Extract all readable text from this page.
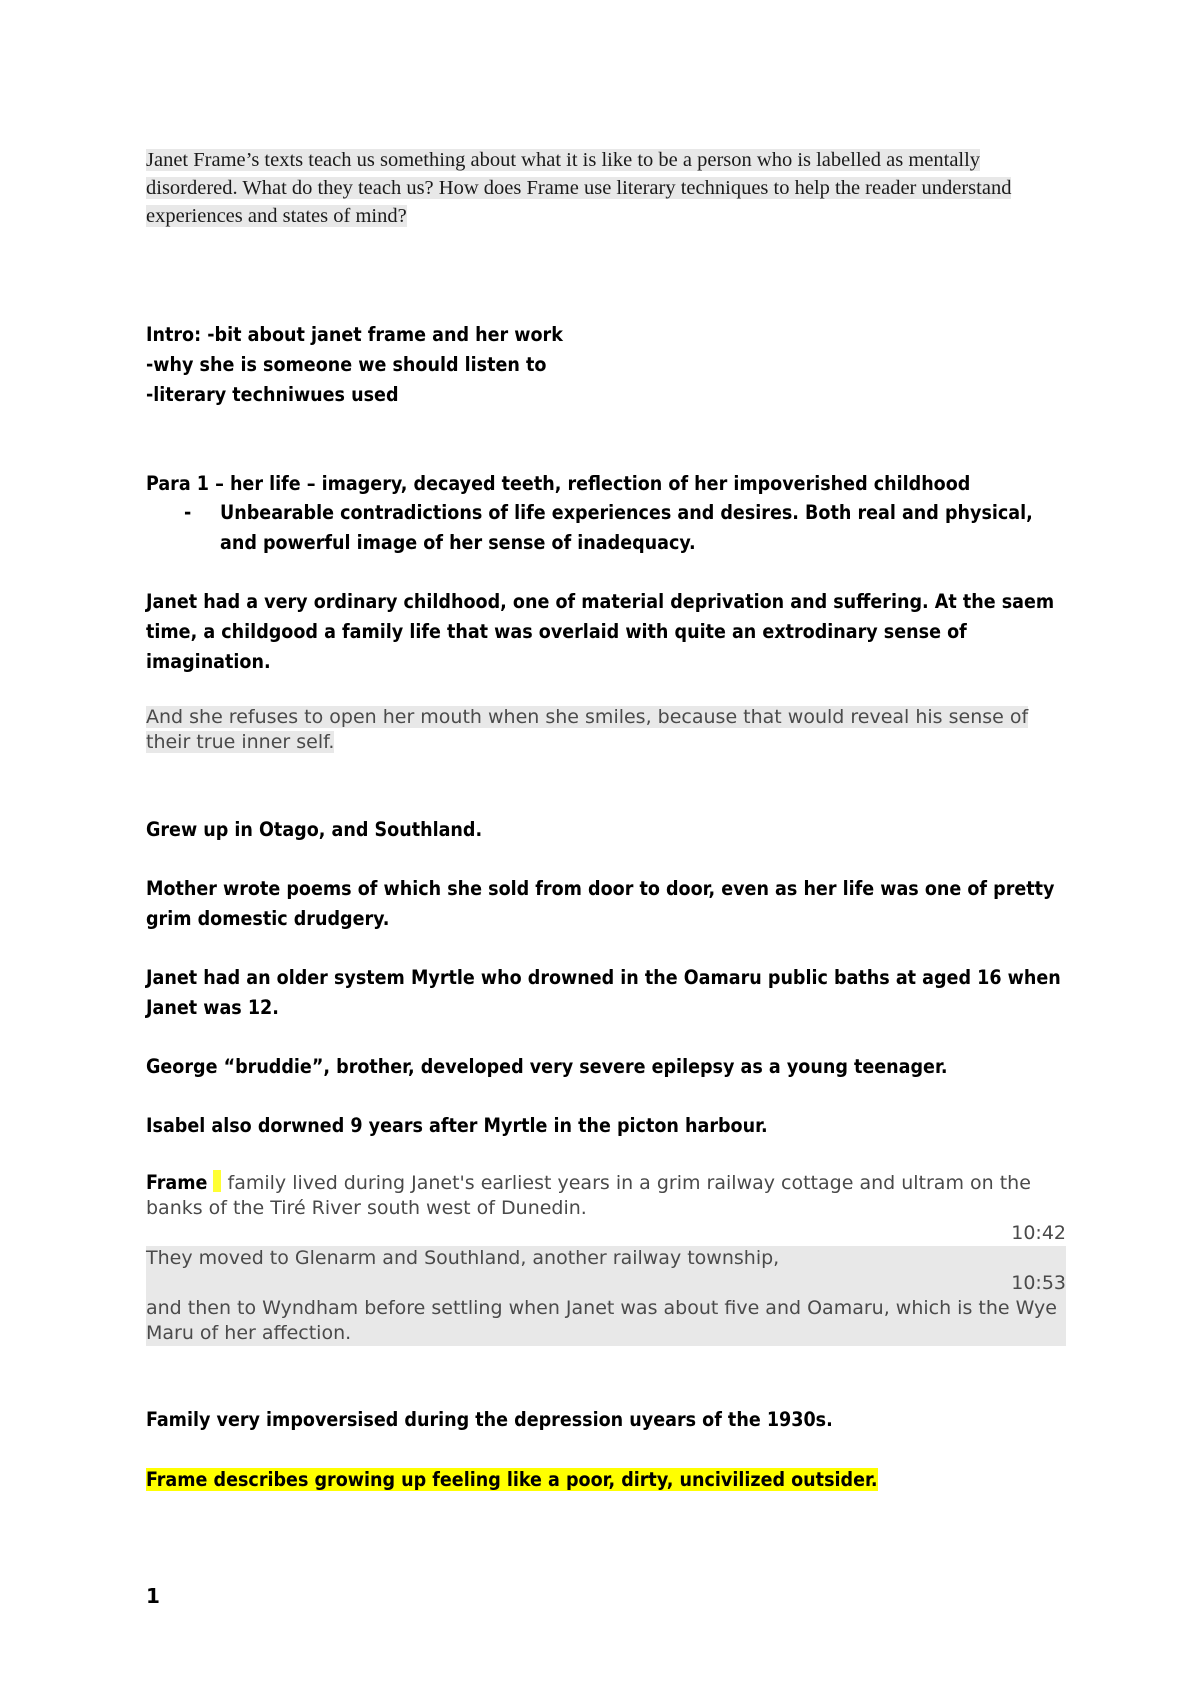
Janet Frame’s texts teach us something about what it is like to be a person who is labelled as mentally disordered. What do they teach us? How does Frame use literary techniques to help the reader understand experiences and states of mind?

Intro: -bit about janet frame and her work
-why she is someone we should listen to
-literary techniwues used

Para 1 – her life – imagery, decayed teeth, reflection of her impoverished childhood

- Unbearable contradictions of life experiences and desires. Both real and physical, and powerful image of her sense of inadequacy.

Janet had a very ordinary childhood, one of material deprivation and suffering. At the saem time, a childgood a family life that was overlaid with quite an extrodinary sense of imagination.

And she refuses to open her mouth when she smiles, because that would reveal his sense of their true inner self.

Grew up in Otago, and Southland.

Mother wrote poems of which she sold from door to door, even as her life was one of pretty grim domestic drudgery.

Janet had an older system Myrtle who drowned in the Oamaru public baths at aged 16 when Janet was 12.

George “bruddie”, brother, developed very severe epilepsy as a young teenager.

Isabel also dorwned 9 years after Myrtle in the picton harbour.

Frame family lived during Janet's earliest years in a grim railway cottage and ultram on the banks of the Tiré River south west of Dunedin.
10:42
They moved to Glenarm and Southland, another railway township,
10:53
and then to Wyndham before settling when Janet was about five and Oamaru, which is the Wye Maru of her affection.

Family very impoversised during the depression uyears of the 1930s.

Frame describes growing up feeling like a poor, dirty, uncivilized outsider.

1
